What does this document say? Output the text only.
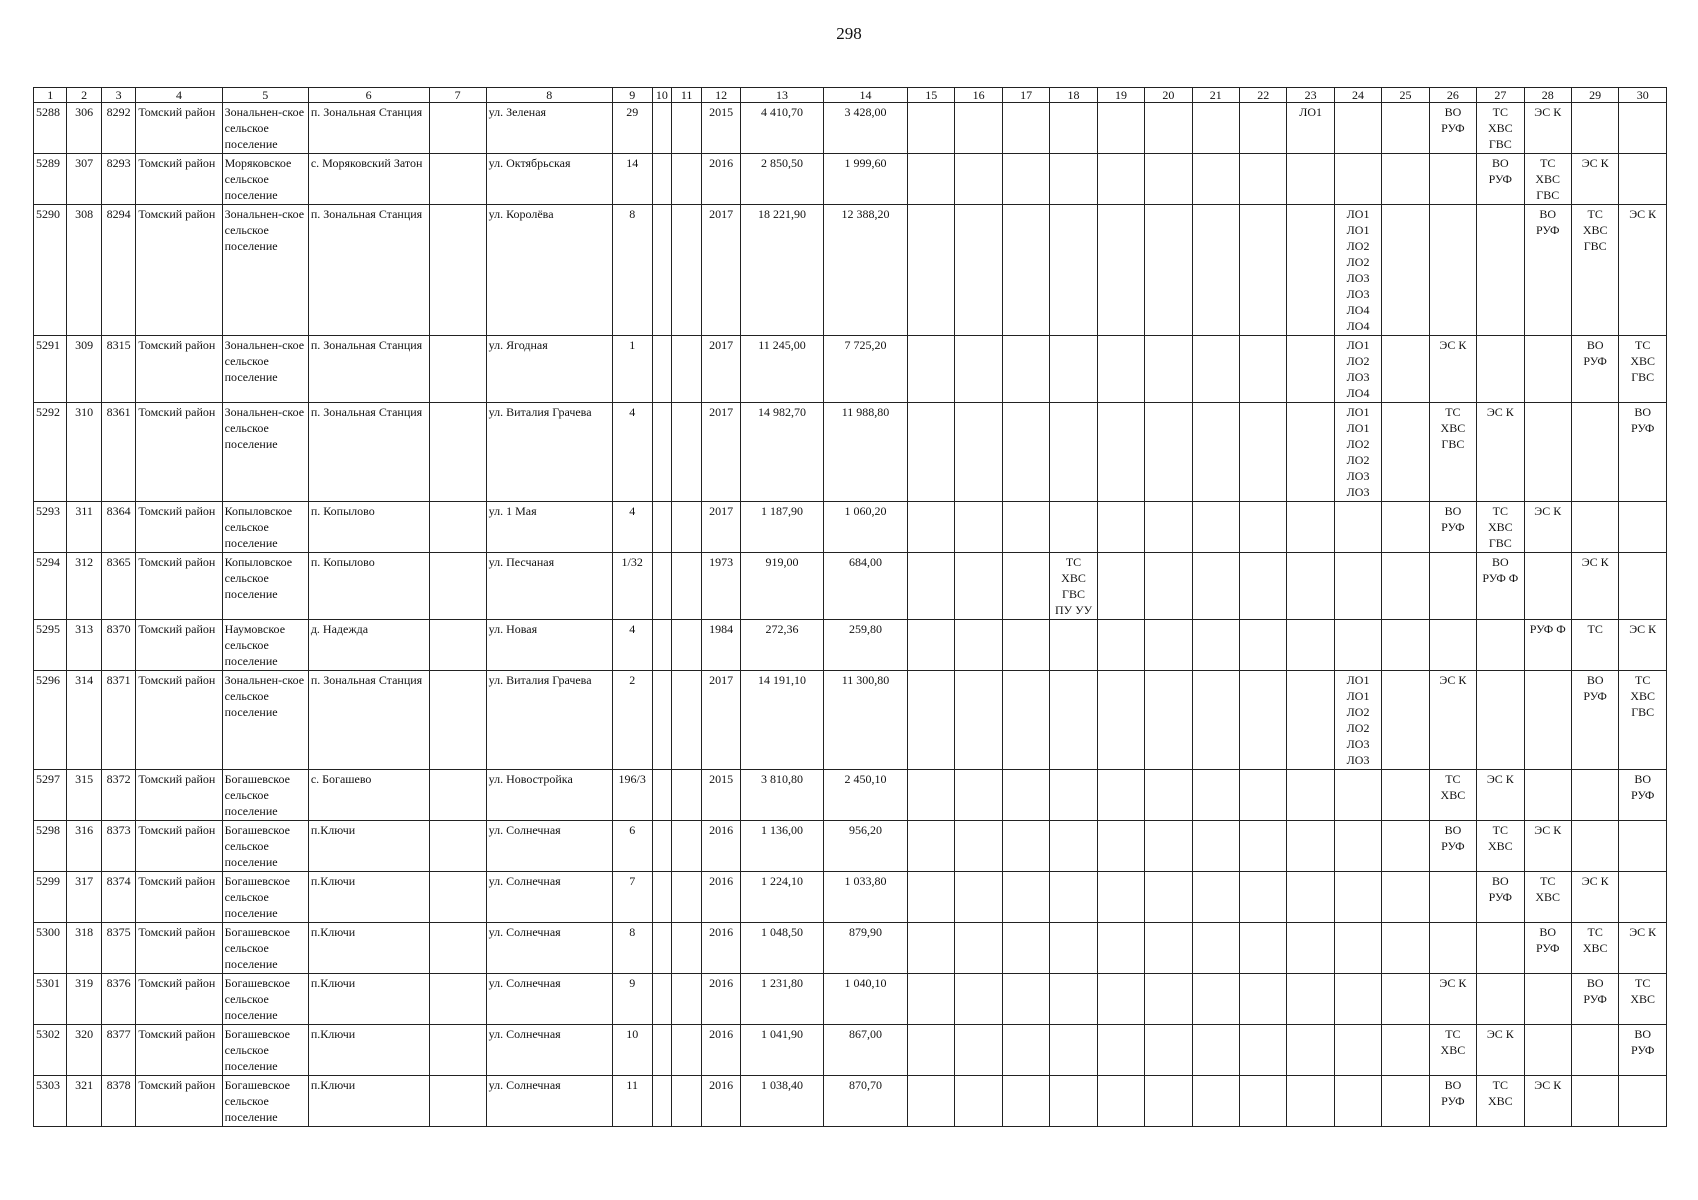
298
1	2	3	4	5	6	7	8	9	10	11	12	13	14	15	16	17	18	19	20	21	22	23	24	25	26	27	28	29	30
5288	306	8292	Томский район	Зональнен-ское сельское поселение	п. Зональная Станция		ул. Зеленая	29			2015	4 410,70	3 428,00									ЛО1			ВО РУФ	ТС ХВС ГВС	ЭС К		
5289	307	8293	Томский район	Моряковское сельское поселение	с. Моряковский Затон		ул. Октябрьская	14			2016	2 850,50	1 999,60													ВО РУФ	ТС ХВС ГВС	ЭС К	
5290	308	8294	Томский район	Зональнен-ское сельское поселение	п. Зональная Станция		ул. Королёва	8			2017	18 221,90	12 388,20										ЛО1 ЛО1 ЛО2 ЛО2 ЛО3 ЛО3 ЛО4 ЛО4				ВО РУФ	ТС ХВС ГВС	ЭС К
5291	309	8315	Томский район	Зональнен-ское сельское поселение	п. Зональная Станция		ул. Ягодная	1			2017	11 245,00	7 725,20										ЛО1 ЛО2 ЛО3 ЛО4		ЭС К			ВО РУФ	ТС ХВС ГВС
5292	310	8361	Томский район	Зональнен-ское сельское поселение	п. Зональная Станция		ул. Виталия Грачева	4			2017	14 982,70	11 988,80										ЛО1 ЛО1 ЛО2 ЛО2 ЛО3 ЛО3		ТС ХВС ГВС	ЭС К			ВО РУФ
5293	311	8364	Томский район	Копыловское сельское поселение	п. Копылово		ул. 1 Мая	4			2017	1 187,90	1 060,20												ВО РУФ	ТС ХВС ГВС	ЭС К		
5294	312	8365	Томский район	Копыловское сельское поселение	п. Копылово		ул. Песчаная	1/32			1973	919,00	684,00				ТС ХВС ГВС ПУ УУ									ВО РУФ Ф		ЭС К	
5295	313	8370	Томский район	Наумовское сельское поселение	д. Надежда		ул. Новая	4			1984	272,36	259,80														РУФ Ф	ТС	ЭС К
5296	314	8371	Томский район	Зональнен-ское сельское поселение	п. Зональная Станция		ул. Виталия Грачева	2			2017	14 191,10	11 300,80										ЛО1 ЛО1 ЛО2 ЛО2 ЛО3 ЛО3		ЭС К			ВО РУФ	ТС ХВС ГВС
5297	315	8372	Томский район	Богашевское сельское поселение	с. Богашево		ул. Новостройка	196/3			2015	3 810,80	2 450,10												ТС ХВС	ЭС К			ВО РУФ
5298	316	8373	Томский район	Богашевское сельское поселение	п.Ключи		ул. Солнечная	6			2016	1 136,00	956,20												ВО РУФ	ТС ХВС	ЭС К		
5299	317	8374	Томский район	Богашевское сельское поселение	п.Ключи		ул. Солнечная	7			2016	1 224,10	1 033,80													ВО РУФ	ТС ХВС	ЭС К	
5300	318	8375	Томский район	Богашевское сельское поселение	п.Ключи		ул. Солнечная	8			2016	1 048,50	879,90														ВО РУФ	ТС ХВС	ЭС К
5301	319	8376	Томский район	Богашевское сельское поселение	п.Ключи		ул. Солнечная	9			2016	1 231,80	1 040,10												ЭС К			ВО РУФ	ТС ХВС
5302	320	8377	Томский район	Богашевское сельское поселение	п.Ключи		ул. Солнечная	10			2016	1 041,90	867,00												ТС ХВС	ЭС К			ВО РУФ
5303	321	8378	Томский район	Богашевское сельское поселение	п.Ключи		ул. Солнечная	11			2016	1 038,40	870,70												ВО РУФ	ТС ХВС	ЭС К		
